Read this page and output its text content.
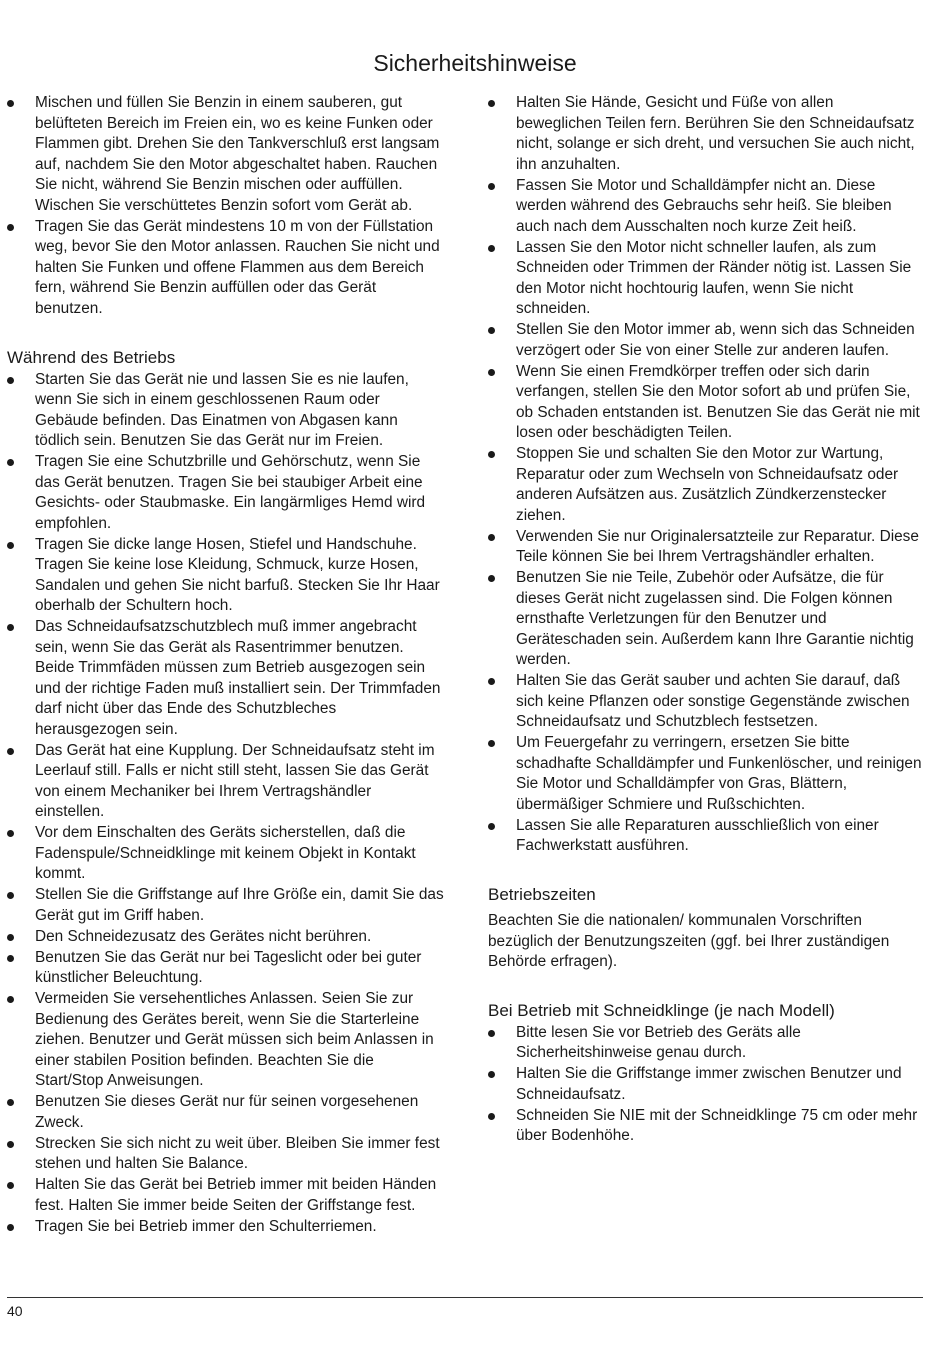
Sicherheitshinweise
Mischen und füllen Sie Benzin in einem sauberen, gut belüfteten Bereich im Freien ein, wo es keine Funken oder Flammen gibt. Drehen Sie den Tankverschluß erst langsam auf, nachdem Sie den Motor abgeschaltet haben. Rauchen Sie nicht, während Sie Benzin mischen oder auffüllen. Wischen Sie verschüttetes Benzin sofort vom Gerät ab.
Tragen Sie das Gerät mindestens 10 m von der Füllstation weg, bevor Sie den Motor anlassen. Rauchen Sie nicht und halten Sie Funken und offene Flammen aus dem Bereich fern, während Sie Benzin auffüllen oder das Gerät benutzen.
Während des Betriebs
Starten Sie das Gerät nie und lassen Sie es nie laufen, wenn Sie sich in einem geschlossenen Raum oder Gebäude befinden. Das Einatmen von Abgasen kann tödlich sein. Benutzen Sie das Gerät nur im Freien.
Tragen Sie eine Schutzbrille und Gehörschutz, wenn Sie das Gerät benutzen. Tragen Sie bei staubiger Arbeit eine Gesichts- oder Staubmaske. Ein langärmliges Hemd wird empfohlen.
Tragen Sie dicke lange Hosen, Stiefel und Handschuhe. Tragen Sie keine lose Kleidung, Schmuck, kurze Hosen, Sandalen und gehen Sie nicht barfuß. Stecken Sie Ihr Haar oberhalb der Schultern hoch.
Das Schneidaufsatzschutzblech muß immer angebracht sein, wenn Sie das Gerät als Rasentrimmer benutzen. Beide Trimmfäden müssen zum Betrieb ausgezogen sein und der richtige Faden muß installiert sein. Der Trimmfaden darf nicht über das Ende des Schutzbleches herausgezogen sein.
Das Gerät hat eine Kupplung. Der Schneidaufsatz steht im Leerlauf still. Falls er nicht still steht, lassen Sie das Gerät von einem Mechaniker bei Ihrem Vertragshändler einstellen.
Vor dem Einschalten des Geräts sicherstellen, daß die Fadenspule/Schneidklinge mit keinem Objekt in Kontakt kommt.
Stellen Sie die Griffstange auf Ihre Größe ein, damit Sie das Gerät gut im Griff haben.
Den Schneidezusatz des Gerätes nicht berühren.
Benutzen Sie das Gerät nur bei Tageslicht oder bei guter künstlicher Beleuchtung.
Vermeiden Sie versehentliches Anlassen. Seien Sie zur Bedienung des Gerätes bereit, wenn Sie die Starterleine ziehen. Benutzer und Gerät müssen sich beim Anlassen in einer stabilen Position befinden. Beachten Sie die Start/Stop Anweisungen.
Benutzen Sie dieses Gerät nur für seinen vorgesehenen Zweck.
Strecken Sie sich nicht zu weit über. Bleiben Sie immer fest stehen und halten Sie Balance.
Halten Sie das Gerät bei Betrieb immer mit beiden Händen fest. Halten Sie immer beide Seiten der Griffstange fest.
Tragen Sie bei Betrieb immer den Schulterriemen.
Halten Sie Hände, Gesicht und Füße von allen beweglichen Teilen fern. Berühren Sie den Schneidaufsatz nicht, solange er sich dreht, und versuchen Sie auch nicht, ihn anzuhalten.
Fassen Sie Motor und Schalldämpfer nicht an. Diese werden während des Gebrauchs sehr heiß. Sie bleiben auch nach dem Ausschalten noch kurze Zeit heiß.
Lassen Sie den Motor nicht schneller laufen, als zum Schneiden oder Trimmen der Ränder nötig ist. Lassen Sie den Motor nicht hochtourig laufen, wenn Sie nicht schneiden.
Stellen Sie den Motor immer ab, wenn sich das Schneiden verzögert oder Sie von einer Stelle zur anderen laufen.
Wenn Sie einen Fremdkörper treffen oder sich darin verfangen, stellen Sie den Motor sofort ab und prüfen Sie, ob Schaden entstanden ist. Benutzen Sie das Gerät nie mit losen oder beschädigten Teilen.
Stoppen Sie und schalten Sie den Motor zur Wartung, Reparatur oder zum Wechseln von Schneidaufsatz oder anderen Aufsätzen aus. Zusätzlich Zündkerzenstecker ziehen.
Verwenden Sie nur Originalersatzteile zur Reparatur. Diese Teile können Sie bei Ihrem Vertragshändler erhalten.
Benutzen Sie nie Teile, Zubehör oder Aufsätze, die für dieses Gerät nicht zugelassen sind. Die Folgen können ernsthafte Verletzungen für den Benutzer und Geräteschaden sein. Außerdem kann Ihre Garantie nichtig werden.
Halten Sie das Gerät sauber und achten Sie darauf, daß sich keine Pflanzen oder sonstige Gegenstände zwischen Schneidaufsatz und Schutzblech festsetzen.
Um Feuergefahr zu verringern, ersetzen Sie bitte schadhafte Schalldämpfer und Funkenlöscher, und reinigen Sie Motor und Schalldämpfer von Gras, Blättern, übermäßiger Schmiere und Rußschichten.
Lassen Sie alle Reparaturen ausschließlich von einer Fachwerkstatt ausführen.
Betriebszeiten

Beachten Sie die nationalen/ kommunalen Vorschriften bezüglich der Benutzungszeiten (ggf. bei Ihrer zuständigen Behörde erfragen).

Bei Betrieb mit Schneidklinge (je nach Modell)
Bitte lesen Sie vor Betrieb des Geräts alle Sicherheitshinweise genau durch.
Halten Sie die Griffstange immer zwischen Benutzer und Schneidaufsatz.
Schneiden Sie NIE mit der Schneidklinge 75 cm oder mehr über Bodenhöhe.
40
